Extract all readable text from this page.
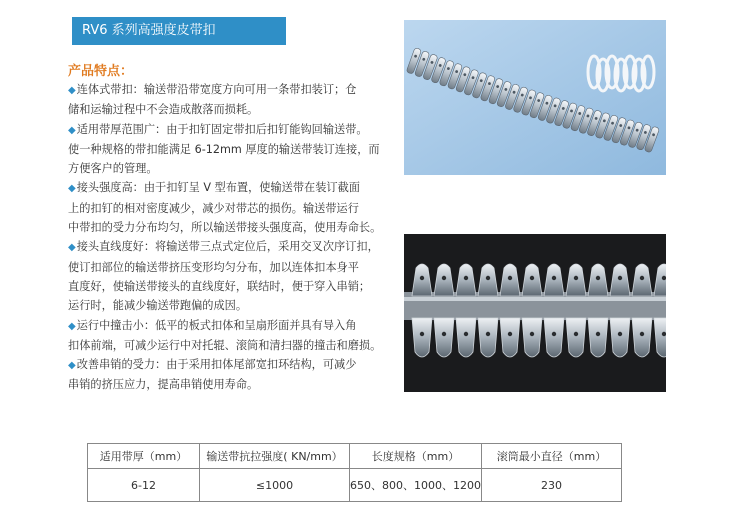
RV6 系列高强度皮带扣
产品特点：
◆连体式带扣：输送带沿带宽度方向可用一条带扣装订；仓
储和运输过程中不会造成散落而损耗。
◆适用带厚范围广：由于扣钉固定带扣后扣钉能钩回输送带。
使一种规格的带扣能满足 6-12mm 厚度的输送带装订连接，而
方便客户的管理。
◆接头强度高：由于扣钉呈 V 型布置，使输送带在装订截面
上的扣钉的相对密度减少，减少对带芯的损伤。输送带运行
中带扣的受力分布均匀，所以输送带接头强度高，使用寿命长。
◆接头直线度好：将输送带三点式定位后，采用交叉次序订扣，
使订扣部位的输送带挤压变形均匀分布，加以连体扣本身平
直度好，使输送带接头的直线度好，联结时，便于穿入串销；
运行时，能减少输送带跑偏的成因。
◆运行中撞击小：低平的板式扣体和呈扇形面并具有导入角
扣体前端，可减少运行中对托辊、滚筒和清扫器的撞击和磨损。
◆改善串销的受力：由于采用扣体尾部宽扣环结构，可减少
串销的挤压应力，提高串销使用寿命。
适用带厚（mm）	输送带抗拉强度( KN/mm）	长度规格（mm）	滚筒最小直径（mm）
6-12	≤1000	650、800、1000、1200	230
